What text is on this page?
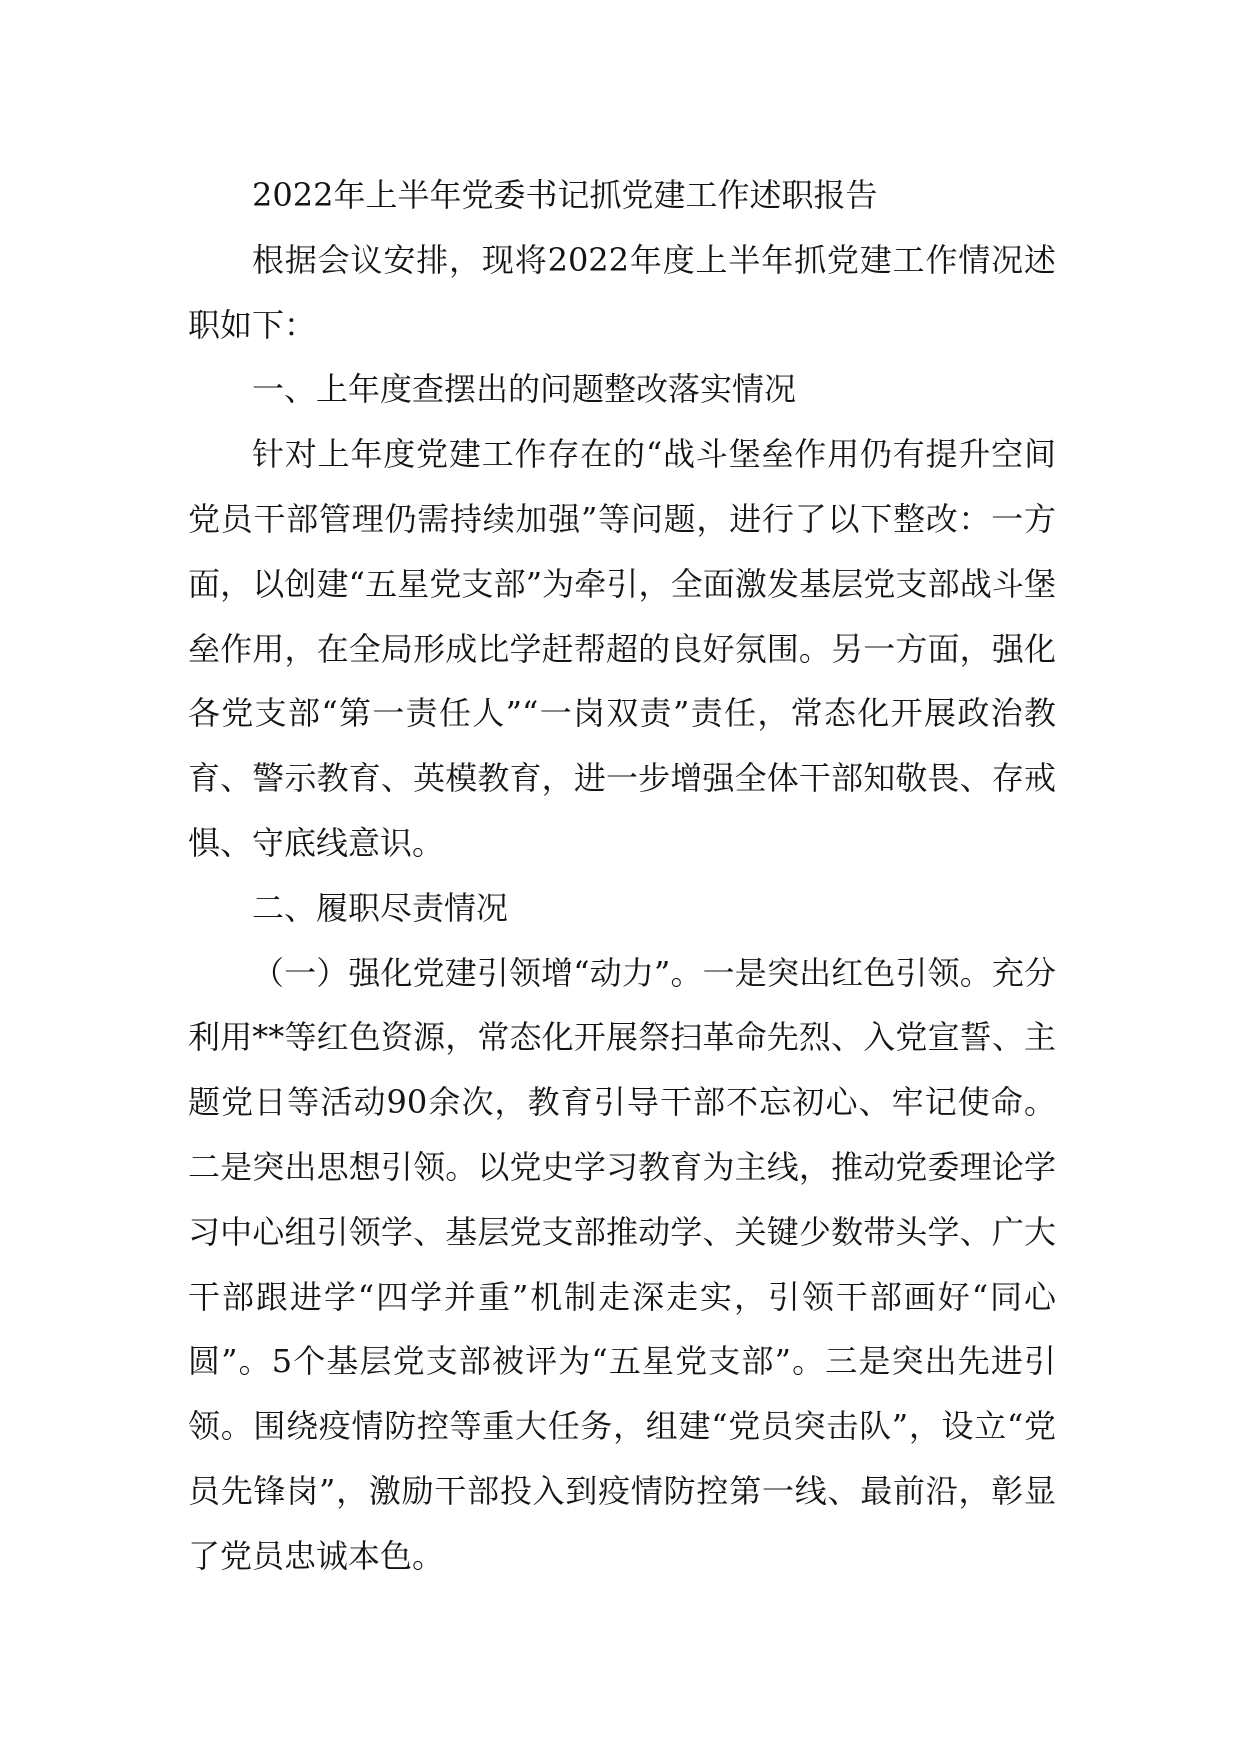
2022年上半年党委书记抓党建工作述职报告

根据会议安排，现将2022年度上半年抓党建工作情况述职如下：

一、上年度查摆出的问题整改落实情况

针对上年度党建工作存在的“战斗堡垒作用仍有提升空间党员干部管理仍需持续加强”等问题，进行了以下整改：一方面，以创建“五星党支部”为牵引，全面激发基层党支部战斗堡垒作用，在全局形成比学赶帮超的良好氛围。另一方面，强化各党支部“第一责任人”“一岗双责”责任，常态化开展政治教育、警示教育、英模教育，进一步增强全体干部知敬畏、存戒惧、守底线意识。

二、履职尽责情况

（一）强化党建引领增“动力”。一是突出红色引领。充分利用**等红色资源，常态化开展祭扫革命先烈、入党宣誓、主题党日等活动90余次，教育引导干部不忘初心、牢记使命。二是突出思想引领。以党史学习教育为主线，推动党委理论学习中心组引领学、基层党支部推动学、关键少数带头学、广大干部跟进学“四学并重”机制走深走实，引领干部画好“同心圆”。5个基层党支部被评为“五星党支部”。三是突出先进引领。围绕疫情防控等重大任务，组建“党员突击队”，设立“党员先锋岗”，激励干部投入到疫情防控第一线、最前沿，彰显了党员忠诚本色。
